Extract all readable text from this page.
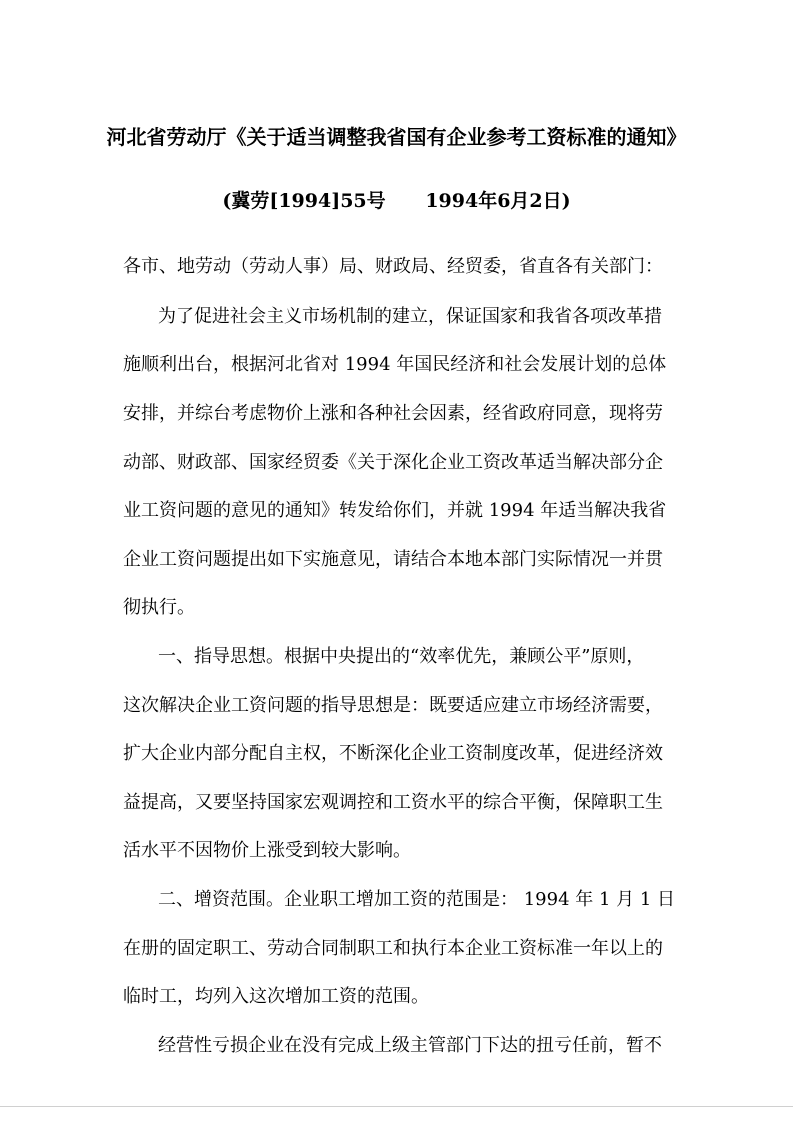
河北省劳动厅《关于适当调整我省国有企业参考工资标准的通知》
(冀劳[1994]55号      1994年6月2日)
各市、地劳动（劳动人事）局、财政局、经贸委，省直各有关部门：
为了促进社会主义市场机制的建立，保证国家和我省各项改革措
施顺利出台，根据河北省对 1994 年国民经济和社会发展计划的总体
安排，并综台考虑物价上涨和各种社会因素，经省政府同意，现将劳
动部、财政部、国家经贸委《关于深化企业工资改革适当解决部分企
业工资问题的意见的通知》转发给你们，并就 1994 年适当解决我省
企业工资问题提出如下实施意见，请结合本地本部门实际情况一并贯
彻执行。
一、指导思想。根据中央提出的“效率优先，兼顾公平”原则，
这次解决企业工资问题的指导思想是：既要适应建立市场经济需要，
扩大企业内部分配自主权，不断深化企业工资制度改革，促进经济效
益提高，又要坚持国家宏观调控和工资水平的综合平衡，保障职工生
活水平不因物价上涨受到较大影响。
二、增资范围。企业职工增加工资的范围是： 1994 年 1 月 1 日
在册的固定职工、劳动合同制职工和执行本企业工资标准一年以上的
临时工，均列入这次增加工资的范围。
经营性亏损企业在没有完成上级主管部门下达的扭亏任前，暂不
